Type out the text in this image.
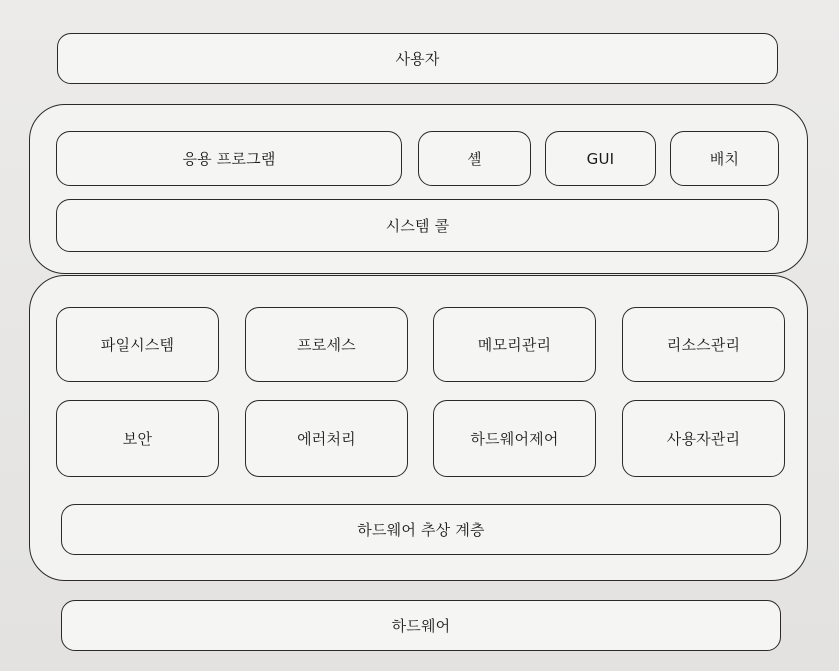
사용자
응용 프로그램	셸	GUI	배치
시스템 콜
파일시스템	프로세스	메모리관리	리소스관리
보안	에러처리	하드웨어제어	사용자관리
하드웨어 추상 계층
하드웨어
